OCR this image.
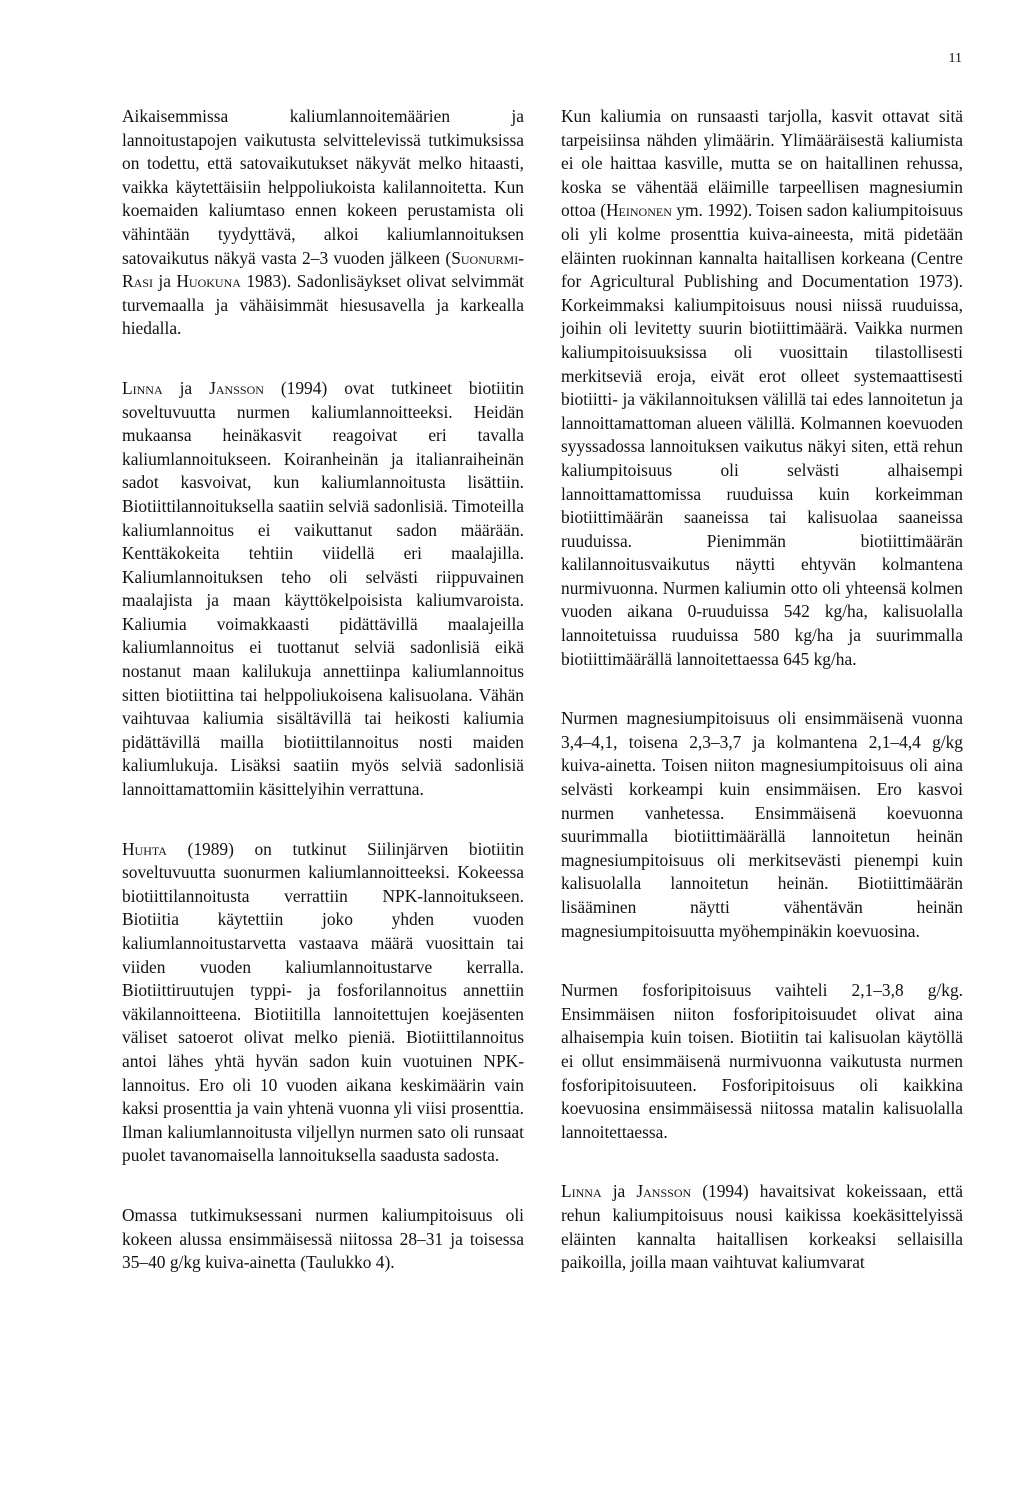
11

Aikaisemmissa kaliumlannoitemäärien ja lannoitustapojen vaikutusta selvittelevissä tutkimuksissa on todettu, että satovaikutukset näkyvät melko hitaasti, vaikka käytettäisiin helppoliukoista kalilannoitetta. Kun koemaiden kaliumtaso ennen kokeen perustamista oli vähintään tyydyttävä, alkoi kaliumlannoituksen satovaikutus näkyä vasta 2–3 vuoden jälkeen (Suonurmi-Rasi ja Huokuna 1983). Sadonlisäykset olivat selvimmät turvemaalla ja vähäisimmät hiesusavella ja karkealla hiedalla.

Linna ja Jansson (1994) ovat tutkineet biotiitin soveltuvuutta nurmen kaliumlannoitteeksi. Heidän mukaansa heinäkasvit reagoivat eri tavalla kaliumlannoitukseen. Koiranheinän ja italianraiheinän sadot kasvoivat, kun kaliumlannoitusta lisättiin. Biotiittilannoituksella saatiin selviä sadonlisiä. Timoteilla kaliumlannoitus ei vaikuttanut sadon määrään. Kenttäkokeita tehtiin viidellä eri maalajilla. Kaliumlannoituksen teho oli selvästi riippuvainen maalajista ja maan käyttökelpoisista kaliumvaroista. Kaliumia voimakkaasti pidättävillä maalajeilla kaliumlannoitus ei tuottanut selviä sadonlisiä eikä nostanut maan kalilukuja annettiinpa kaliumlannoitus sitten biotiittina tai helppoliukoisena kalisuolana. Vähän vaihtuvaa kaliumia sisältävillä tai heikosti kaliumia pidättävillä mailla biotiittilannoitus nosti maiden kaliumlukuja. Lisäksi saatiin myös selviä sadonlisiä lannoittamattomiin käsittelyihin verrattuna.

Huhta (1989) on tutkinut Siilinjärven biotiitin soveltuvuutta suonurmen kaliumlannoitteeksi. Kokeessa biotiittilannoitusta verrattiin NPK-lannoitukseen. Biotiitia käytettiin joko yhden vuoden kaliumlannoitustarvetta vastaava määrä vuosittain tai viiden vuoden kaliumlannoitustarve kerralla. Biotiittiruutujen typpi- ja fosforilannoitus annettiin väkilannoitteena. Biotiitilla lannoitettujen koejäsenten väliset satoerot olivat melko pieniä. Biotiittilannoitus antoi lähes yhtä hyvän sadon kuin vuotuinen NPK-lannoitus. Ero oli 10 vuoden aikana keskimäärin vain kaksi prosenttia ja vain yhtenä vuonna yli viisi prosenttia. Ilman kaliumlannoitusta viljellyn nurmen sato oli runsaat puolet tavanomaisella lannoituksella saadusta sadosta.

Omassa tutkimuksessani nurmen kaliumpitoisuus oli kokeen alussa ensimmäisessä niitossa 28–31 ja toisessa 35–40 g/kg kuiva-ainetta (Taulukko 4).

Kun kaliumia on runsaasti tarjolla, kasvit ottavat sitä tarpeisiinsa nähden ylimäärin. Ylimääräisestä kaliumista ei ole haittaa kasville, mutta se on haitallinen rehussa, koska se vähentää eläimille tarpeellisen magnesiumin ottoa (Heinonen ym. 1992). Toisen sadon kaliumpitoisuus oli yli kolme prosenttia kuiva-aineesta, mitä pidetään eläinten ruokinnan kannalta haitallisen korkeana (Centre for Agricultural Publishing and Documentation 1973). Korkeimmaksi kaliumpitoisuus nousi niissä ruuduissa, joihin oli levitetty suurin biotiittimäärä. Vaikka nurmen kaliumpitoisuuksissa oli vuosittain tilastollisesti merkitseviä eroja, eivät erot olleet systemaattisesti biotiitti- ja väkilannoituksen välillä tai edes lannoitetun ja lannoittamattoman alueen välillä. Kolmannen koevuoden syyssadossa lannoituksen vaikutus näkyi siten, että rehun kaliumpitoisuus oli selvästi alhaisempi lannoittamattomissa ruuduissa kuin korkeimman biotiittimäärän saaneissa tai kalisuolaa saaneissa ruuduissa. Pienimmän biotiittimäärän kalilannoitusvaikutus näytti ehtyvän kolmantena nurmivuonna. Nurmen kaliumin otto oli yhteensä kolmen vuoden aikana 0-ruuduissa 542 kg/ha, kalisuolalla lannoitetuissa ruuduissa 580 kg/ha ja suurimmalla biotiittimäärällä lannoitettaessa 645 kg/ha.

Nurmen magnesiumpitoisuus oli ensimmäisenä vuonna 3,4–4,1, toisena 2,3–3,7 ja kolmantena 2,1–4,4 g/kg kuiva-ainetta. Toisen niiton magnesiumpitoisuus oli aina selvästi korkeampi kuin ensimmäisen. Ero kasvoi nurmen vanhetessa. Ensimmäisenä koevuonna suurimmalla biotiittimäärällä lannoitetun heinän magnesiumpitoisuus oli merkitsevästi pienempi kuin kalisuolalla lannoitetun heinän. Biotiittimäärän lisääminen näytti vähentävän heinän magnesiumpitoisuutta myöhempinäkin koevuosina.

Nurmen fosforipitoisuus vaihteli 2,1–3,8 g/kg. Ensimmäisen niiton fosforipitoisuudet olivat aina alhaisempia kuin toisen. Biotiitin tai kalisuolan käytöllä ei ollut ensimmäisenä nurmivuonna vaikutusta nurmen fosforipitoisuuteen. Fosforipitoisuus oli kaikkina koevuosina ensimmäisessä niitossa matalin kalisuolalla lannoitettaessa.

Linna ja Jansson (1994) havaitsivat kokeissaan, että rehun kaliumpitoisuus nousi kaikissa koekäsittelyissä eläinten kannalta haitallisen korkeaksi sellaisilla paikoilla, joilla maan vaihtuvat kaliumvarat
